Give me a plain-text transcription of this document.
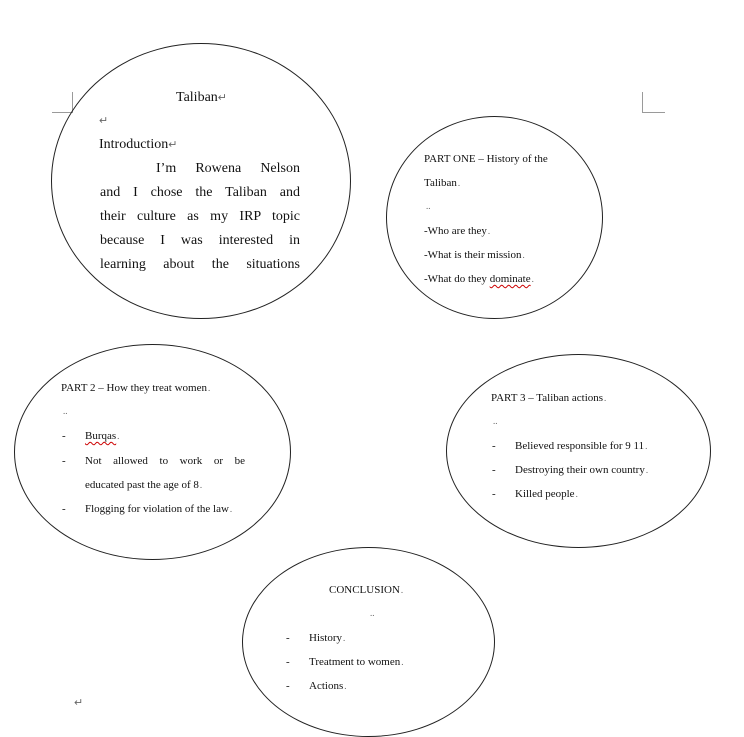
Taliban↵
↵
Introduction↵
I’m Rowena Nelson
and I chose the Taliban and
their culture as my IRP topic
because I was interested in
learning about the situations
PART ONE – History of the
Taliban.
..
-Who are they.
-What is their mission.
-What do they dominate.
PART 2 – How they treat women.
..
- Burqas.
- Not allowed to work or be
educated past the age of 8.
- Flogging for violation of the law.
PART 3 – Taliban actions.
..
- Believed responsible for 9 11.
- Destroying their own country.
- Killed people.
CONCLUSION.
..
- History.
- Treatment to women.
- Actions.
↵
